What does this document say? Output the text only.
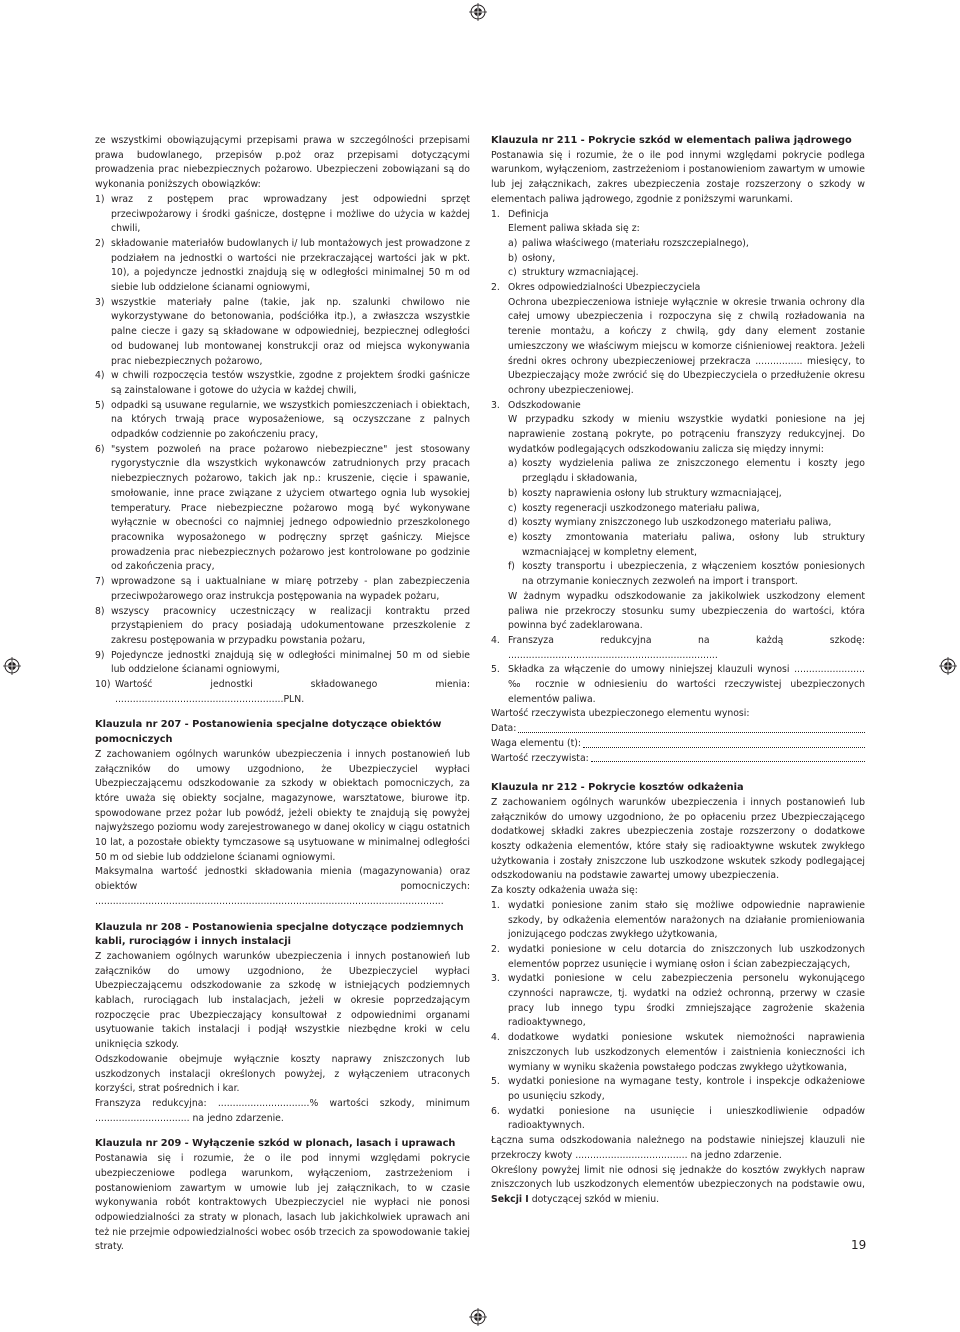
ze wszystkimi obowiązującymi przepisami prawa w szczególności przepisami prawa budowlanego, przepisów p.poż oraz przepisami dotyczącymi prowadzenia prac niebezpiecznych pożarowo. Ubezpieczeni zobowiązani są do wykonania poniższych obowiązków:

1) wraz z postępem prac wprowadzany jest odpowiedni sprzęt przeciwpożarowy i środki gaśnicze, dostępne i możliwe do użycia w każdej chwili,
2) składowanie materiałów budowlanych i/ lub montażowych jest prowadzone z podziałem na jednostki o wartości nie przekraczającej wartości jak w pkt. 10), a pojedyncze jednostki znajdują się w odległości minimalnej 50 m od siebie lub oddzielone ścianami ogniowymi,
3) wszystkie materiały palne (takie, jak np. szalunki chwilowo nie wykorzystywane do betonowania, podściółka itp.), a zwłaszcza wszystkie palne ciecze i gazy są składowane w odpowiedniej, bezpiecznej odległości od budowanej lub montowanej konstrukcji oraz od miejsca wykonywania prac niebezpiecznych pożarowo,
4) w chwili rozpoczęcia testów wszystkie, zgodne z projektem środki gaśnicze są zainstalowane i gotowe do użycia w każdej chwili,
5) odpadki są usuwane regularnie, we wszystkich pomieszczeniach i obiektach, na których trwają prace wyposażeniowe, są oczyszczane z palnych odpadków codziennie po zakończeniu pracy,
6) "system pozwoleń na prace pożarowo niebezpieczne" jest stosowany rygorystycznie dla wszystkich wykonawców zatrudnionych przy pracach niebezpiecznych pożarowo, takich jak np.: kruszenie, cięcie i spawanie, smołowanie, inne prace związane z użyciem otwartego ognia lub wysokiej temperatury. Prace niebezpieczne pożarowo mogą być wykonywane wyłącznie w obecności co najmniej jednego odpowiednio przeszkolonego pracownika wyposażonego w podręczny sprzęt gaśniczy. Miejsce prowadzenia prac niebezpiecznych pożarowo jest kontrolowane po godzinie od zakończenia pracy,
7) wprowadzone są i uaktualniane w miarę potrzeby - plan zabezpieczenia przeciwpożarowego oraz instrukcja postępowania na wypadek pożaru,
8) wszyscy pracownicy uczestniczący w realizacji kontraktu przed przystąpieniem do pracy posiadają udokumentowane przeszkolenie z zakresu postępowania w przypadku powstania pożaru,
9) Pojedyncze jednostki znajdują się w odległości minimalnej 50 m od siebie lub oddzielone ścianami ogniowymi,
10) Wartość jednostki składowanego mienia: .........................................................PLN.

Klauzula nr 207 - Postanowienia specjalne dotyczące obiektów pomocniczych

Z zachowaniem ogólnych warunków ubezpieczenia i innych postanowień lub załączników do umowy uzgodniono, że Ubezpieczyciel wypłaci Ubezpieczającemu odszkodowanie za szkody w obiektach pomocniczych, za które uważa się obiekty socjalne, magazynowe, warsztatowe, biurowe itp. spowodowane przez pożar lub powódź, jeżeli obiekty te znajdują się powyżej najwyższego poziomu wody zarejestrowanego w danej okolicy w ciągu ostatnich 10 lat, a pozostałe obiekty tymczasowe są usytuowane w minimalnej odległości 50 m od siebie lub oddzielone ścianami ogniowymi.

Maksymalna wartość jednostki składowania mienia (magazynowania) oraz obiektów pomocniczych: ......................................................................................................................

Klauzula nr 208 - Postanowienia specjalne dotyczące podziemnych kabli, rurociągów i innych instalacji

Z zachowaniem ogólnych warunków ubezpieczenia i innych postanowień lub załączników do umowy uzgodniono, że Ubezpieczyciel wypłaci Ubezpieczającemu odszkodowanie za szkodę w istniejących podziemnych kablach, rurociągach lub instalacjach, jeżeli w okresie poprzedzającym rozpoczęcie prac Ubezpieczający konsultował z odpowiednimi organami usytuowanie takich instalacji i podjął wszystkie niezbędne kroki w celu uniknięcia szkody.

Odszkodowanie obejmuje wyłącznie koszty naprawy zniszczonych lub uszkodzonych instalacji określonych powyżej, z wyłączeniem utraconych korzyści, strat pośrednich i kar.

Franszyza redukcyjna: ...............................% wartości szkody, minimum ................................ na jedno zdarzenie.

Klauzula nr 209 - Wyłączenie szkód w plonach, lasach i uprawach

Postanawia się i rozumie, że o ile pod innymi względami pokrycie ubezpieczeniowe podlega warunkom, wyłączeniom, zastrzeżeniom i postanowieniom zawartym w umowie lub jej załącznikach, to w czasie wykonywania robót kontraktowych Ubezpieczyciel nie wypłaci nie ponosi odpowiedzialności za straty w plonach, lasach lub jakichkolwiek uprawach ani też nie przejmie odpowiedzialności wobec osób trzecich za spowodowanie takiej straty.

Klauzula nr 211 - Pokrycie szkód w elementach paliwa jądrowego

Postanawia się i rozumie, że o ile pod innymi względami pokrycie podlega warunkom, wyłączeniom, zastrzeżeniom i postanowieniom zawartym w umowie lub jej załącznikach, zakres ubezpieczenia zostaje rozszerzony o szkody w elementach paliwa jądrowego, zgodnie z poniższymi warunkami.

1. Definicja

Element paliwa składa się z:

a) paliwa właściwego (materiału rozszczepialnego),
b) osłony,
c) struktury wzmacniającej.
2. Okres odpowiedzialności Ubezpieczyciela

Ochrona ubezpieczeniowa istnieje wyłącznie w okresie trwania ochrony dla całej umowy ubezpieczenia i rozpoczyna się z chwilą rozładowania na terenie montażu, a kończy z chwilą, gdy dany element zostanie umieszczony we właściwym miejscu w komorze ciśnieniowej reaktora. Jeżeli średni okres ochrony ubezpieczeniowej przekracza ................ miesięcy, to Ubezpieczający może zwrócić się do Ubezpieczyciela o przedłużenie okresu ochrony ubezpieczeniowej.

3. Odszkodowanie

W przypadku szkody w mieniu wszystkie wydatki poniesione na jej naprawienie zostaną pokryte, po potrąceniu franszyzy redukcyjnej. Do wydatków podlegających odszkodowaniu zalicza się między innymi:

a) koszty wydzielenia paliwa ze zniszczonego elementu i koszty jego przeglądu i składowania,
b) koszty naprawienia osłony lub struktury wzmacniającej,
c) koszty regeneracji uszkodzonego materiału paliwa,
d) koszty wymiany zniszczonego lub uszkodzonego materiału paliwa,
e) koszty zmontowania materiału paliwa, osłony lub struktury wzmacniającej w kompletny element,
f) koszty transportu i ubezpieczenia, z włączeniem kosztów poniesionych na otrzymanie koniecznych zezwoleń na import i transport.

W żadnym wypadku odszkodowanie za jakikolwiek uszkodzony element paliwa nie przekroczy stosunku sumy ubezpieczenia do wartości, która powinna być zadeklarowana.

4. Franszyza redukcyjna na każdą szkodę: .......................................................................
5. Składka za włączenie do umowy niniejszej klauzuli wynosi ........................ ‰ rocznie w odniesieniu do wartości rzeczywistej ubezpieczonych elementów paliwa.

Wartość rzeczywista ubezpieczonego elementu wynosi:

Data:
Waga elementu (t):
Wartość rzeczywista:

Klauzula nr 212 - Pokrycie kosztów odkażenia

Z zachowaniem ogólnych warunków ubezpieczenia i innych postanowień lub załączników do umowy uzgodniono, że po opłaceniu przez Ubezpieczającego dodatkowej składki zakres ubezpieczenia zostaje rozszerzony o dodatkowe koszty odkażenia elementów, które stały się radioaktywne wskutek zwykłego użytkowania i zostały zniszczone lub uszkodzone wskutek szkody podlegającej odszkodowaniu na podstawie zawartej umowy ubezpieczenia.

Za koszty odkażenia uważa się:

1. wydatki poniesione zanim stało się możliwe odpowiednie naprawienie szkody, by odkażenia elementów narażonych na działanie promieniowania jonizującego podczas zwykłego użytkowania,
2. wydatki poniesione w celu dotarcia do zniszczonych lub uszkodzonych elementów poprzez usunięcie i wymianę osłon i ścian zabezpieczających,
3. wydatki poniesione w celu zabezpieczenia personelu wykonującego czynności naprawcze, tj. wydatki na odzież ochronną, przerwy w czasie pracy lub innego typu środki zmniejszające zagrożenie skażenia radioaktywnego,
4. dodatkowe wydatki poniesione wskutek niemożności naprawienia zniszczonych lub uszkodzonych elementów i zaistnienia konieczności ich wymiany w wyniku skażenia powstałego podczas zwykłego użytkowania,
5. wydatki poniesione na wymagane testy, kontrole i inspekcje odkażeniowe po usunięciu szkody,
6. wydatki poniesione na usunięcie i unieszkodliwienie odpadów radioaktywnych.

Łączna suma odszkodowania należnego na podstawie niniejszej klauzuli nie przekroczy kwoty ...................................... na jedno zdarzenie.

Określony powyżej limit nie odnosi się jednakże do kosztów zwykłych napraw zniszczonych lub uszkodzonych elementów ubezpieczonych na podstawie owu, Sekcji I dotyczącej szkód w mieniu.

19
